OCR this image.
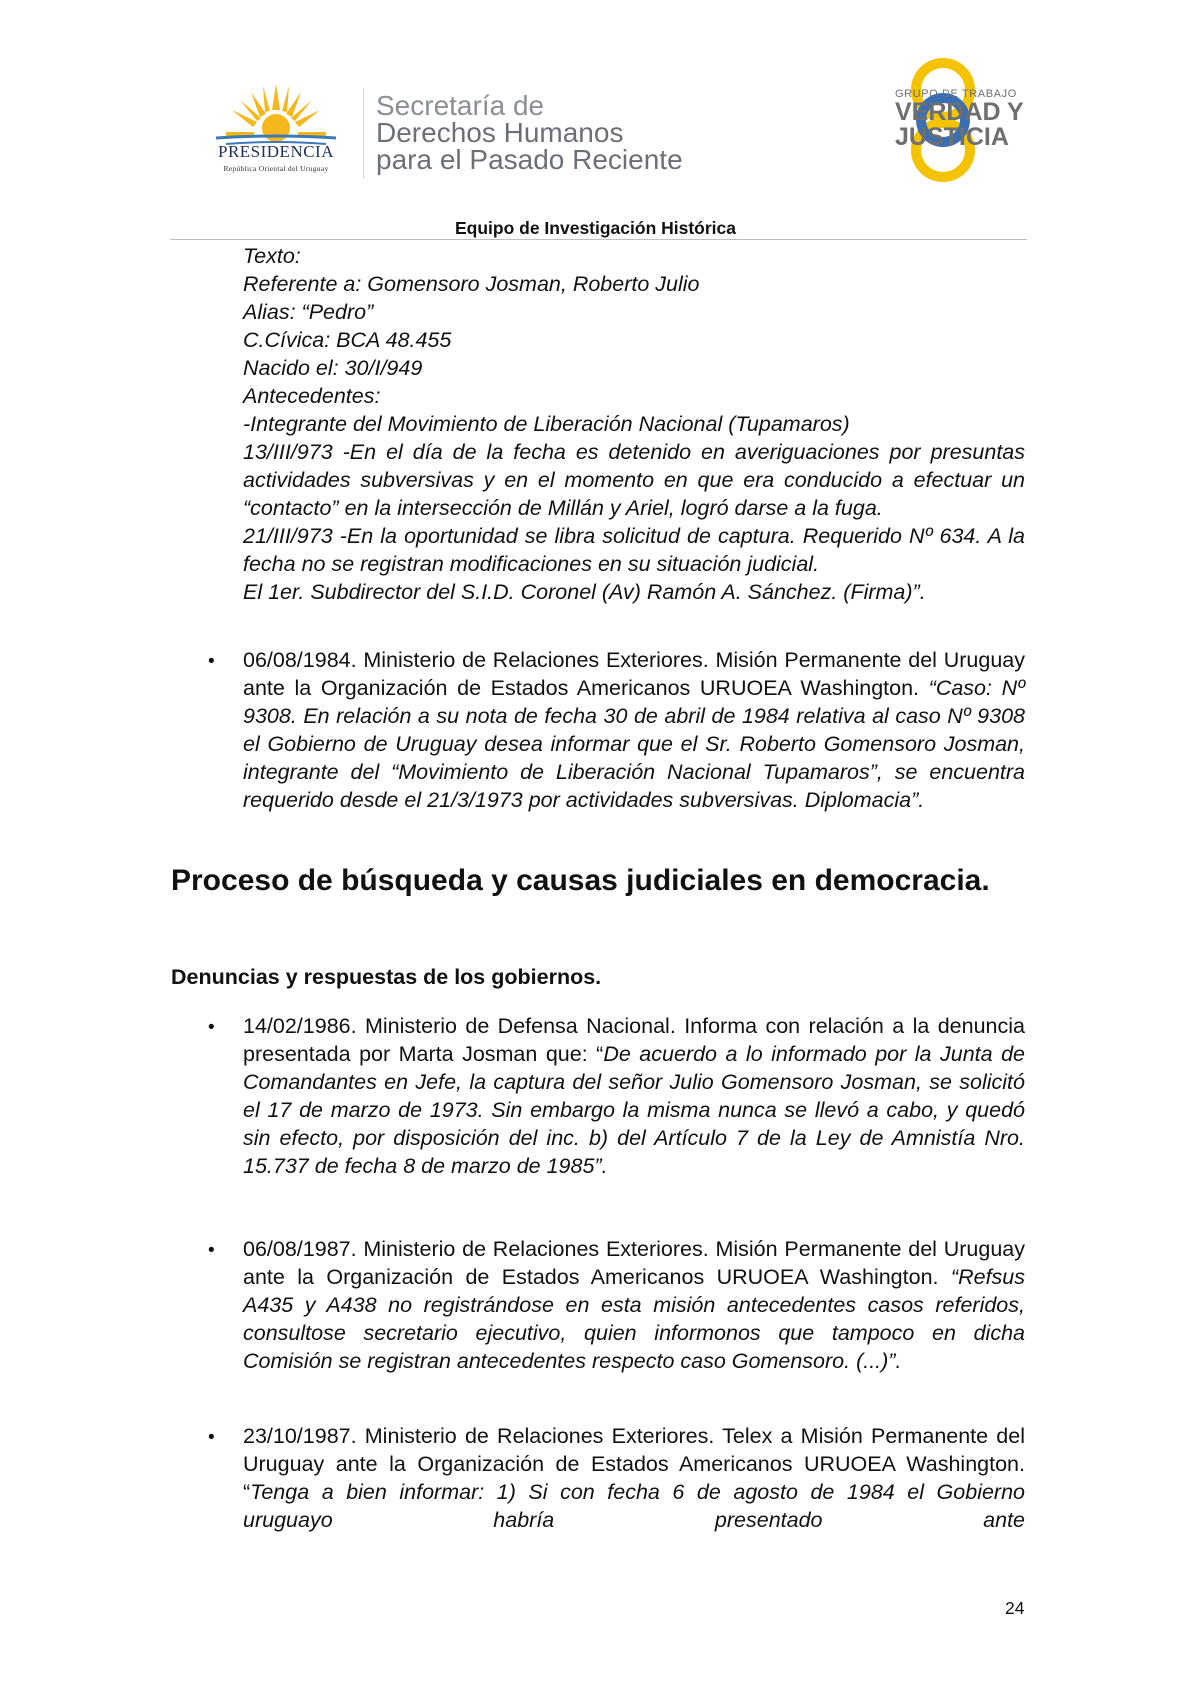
PRESIDENCIA
República Oriental del Uruguay
Secretaría de
Derechos Humanos
para el Pasado Reciente
GRUPO DE TRABAJO
VERDAD Y
JUSTICIA
Equipo de Investigación Histórica
Texto:
Referente a: Gomensoro Josman, Roberto Julio
Alias: “Pedro”
C.Cívica: BCA 48.455
Nacido el: 30/I/949
Antecedentes:
-Integrante del Movimiento de Liberación Nacional (Tupamaros)
13/III/973 -En el día de la fecha es detenido en averiguaciones por presuntas actividades subversivas y en el momento en que era conducido a efectuar un “contacto” en la intersección de Millán y Ariel, logró darse a la fuga.
21/III/973 -En la oportunidad se libra solicitud de captura. Requerido Nº 634. A la fecha no se registran modificaciones en su situación judicial.
El 1er. Subdirector del S.I.D. Coronel (Av) Ramón A. Sánchez. (Firma)”.
• 06/08/1984. Ministerio de Relaciones Exteriores. Misión Permanente del Uruguay ante la Organización de Estados Americanos URUOEA Washington. “Caso: Nº 9308. En relación a su nota de fecha 30 de abril de 1984 relativa al caso Nº 9308 el Gobierno de Uruguay desea informar que el Sr. Roberto Gomensoro Josman, integrante del “Movimiento de Liberación Nacional Tupamaros”, se encuentra requerido desde el 21/3/1973 por actividades subversivas. Diplomacia”.
Proceso de búsqueda y causas judiciales en democracia.
Denuncias y respuestas de los gobiernos.
• 14/02/1986. Ministerio de Defensa Nacional. Informa con relación a la denuncia presentada por Marta Josman que: “De acuerdo a lo informado por la Junta de Comandantes en Jefe, la captura del señor Julio Gomensoro Josman, se solicitó el 17 de marzo de 1973. Sin embargo la misma nunca se llevó a cabo, y quedó sin efecto, por disposición del inc. b) del Artículo 7 de la Ley de Amnistía Nro. 15.737 de fecha 8 de marzo de 1985”.
• 06/08/1987. Ministerio de Relaciones Exteriores. Misión Permanente del Uruguay ante la Organización de Estados Americanos URUOEA Washington. “Refsus A435 y A438 no registrándose en esta misión antecedentes casos referidos, consultose secretario ejecutivo, quien informonos que tampoco en dicha Comisión se registran antecedentes respecto caso Gomensoro. (...)”.
• 23/10/1987. Ministerio de Relaciones Exteriores. Telex a Misión Permanente del Uruguay ante la Organización de Estados Americanos URUOEA Washington. “Tenga a bien informar: 1) Si con fecha 6 de agosto de 1984 el Gobierno uruguayo habría presentado ante
24
